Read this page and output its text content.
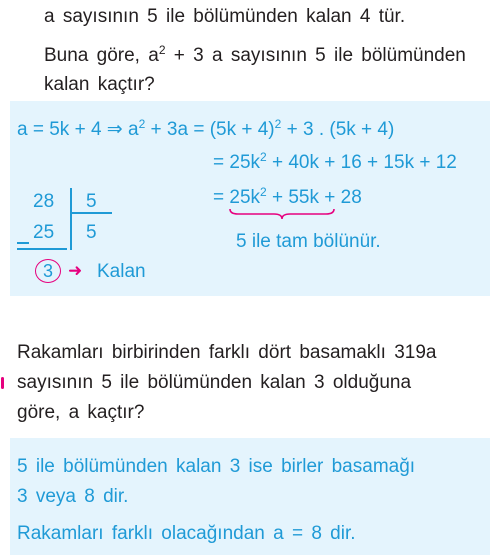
a sayısının 5 ile bölümünden kalan 4 tür.
Buna göre, $a^2 + 3$ a sayısının 5 ile bölümünden
kalan kaçtır?
a = 5k + 4 ⇒ $a^2 + 3a = (5k + 4)^2 + 3$ . (5k + 4)
= $25k^2 + 40k + 16 + 15k + 12$
= $25k^2 + 55k + 28$
5 ile tam bölünür.
28 5
25 5
3 ➜ Kalan
Rakamları birbirinden farklı dört basamaklı 319a
sayısının 5 ile bölümünden kalan 3 olduğuna
göre, a kaçtır?
5 ile bölümünden kalan 3 ise birler basamağı
3 veya 8 dir.
Rakamları farklı olacağından a = 8 dir.
